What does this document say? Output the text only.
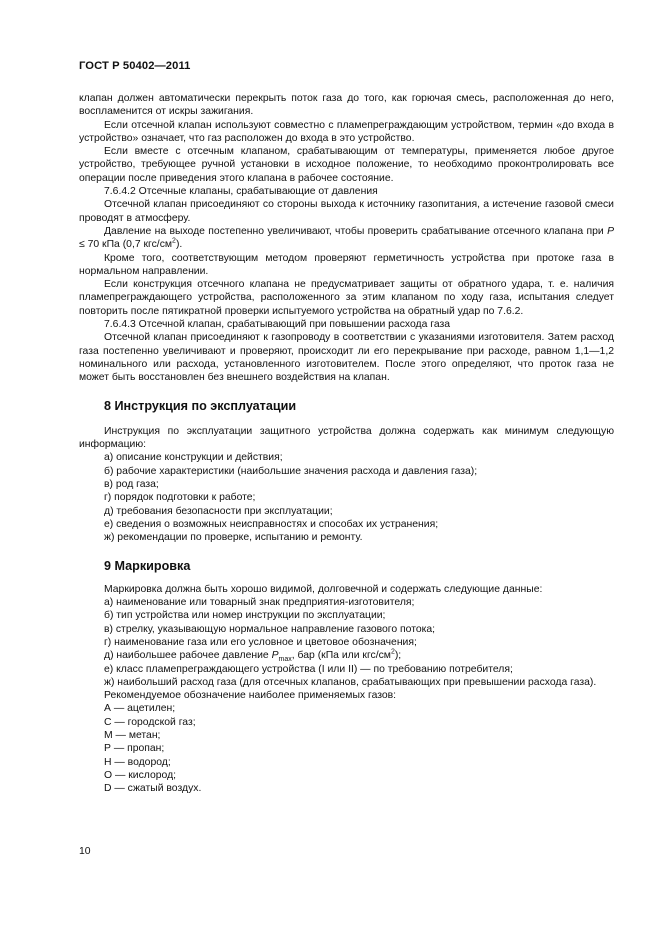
ГОСТ Р 50402—2011

клапан должен автоматически перекрыть поток газа до того, как горючая смесь, расположенная до него, воспламенится от искры зажигания.

Если отсечной клапан используют совместно с пламепреграждающим устройством, термин «до входа в устройство» означает, что газ расположен до входа в это устройство.

Если вместе с отсечным клапаном, срабатывающим от температуры, применяется любое другое устройство, требующее ручной установки в исходное положение, то необходимо проконтролировать все операции после приведения этого клапана в рабочее состояние.

7.6.4.2 Отсечные клапаны, срабатывающие от давления

Отсечной клапан присоединяют со стороны выхода к источнику газопитания, а истечение газовой смеси проводят в атмосферу.

Давление на выходе постепенно увеличивают, чтобы проверить срабатывание отсечного клапана при P ≤ 70 кПа (0,7 кгс/$см^2$).

Кроме того, соответствующим методом проверяют герметичность устройства при протоке газа в нормальном направлении.

Если конструкция отсечного клапана не предусматривает защиты от обратного удара, т. е. наличия пламепреграждающего устройства, расположенного за этим клапаном по ходу газа, испытания следует повторить после пятикратной проверки испытуемого устройства на обратный удар по 7.6.2.

7.6.4.3 Отсечной клапан, срабатывающий при повышении расхода газа

Отсечной клапан присоединяют к газопроводу в соответствии с указаниями изготовителя. Затем расход газа постепенно увеличивают и проверяют, происходит ли его перекрывание при расходе, равном 1,1—1,2 номинального или расхода, установленного изготовителем. После этого определяют, что проток газа не может быть восстановлен без внешнего воздействия на клапан.

8 Инструкция по эксплуатации

Инструкция по эксплуатации защитного устройства должна содержать как минимум следующую информацию:

а) описание конструкции и действия;

б) рабочие характеристики (наибольшие значения расхода и давления газа);

в) род газа;

г) порядок подготовки к работе;

д) требования безопасности при эксплуатации;

е) сведения о возможных неисправностях и способах их устранения;

ж) рекомендации по проверке, испытанию и ремонту.

9 Маркировка

Маркировка должна быть хорошо видимой, долговечной и содержать следующие данные:

а) наименование или товарный знак предприятия-изготовителя;

б) тип устройства или номер инструкции по эксплуатации;

в) стрелку, указывающую нормальное направление газового потока;

г) наименование газа или его условное и цветовое обозначения;

д) наибольшее рабочее давление $P_{max}$, бар (кПа или кгс/$см^2$);

е) класс пламепреграждающего устройства (I или II) — по требованию потребителя;

ж) наибольший расход газа (для отсечных клапанов, срабатывающих при превышении расхода газа).

Рекомендуемое обозначение наиболее применяемых газов:

А — ацетилен;

С — городской газ;

М — метан;

Р — пропан;

Н — водород;

О — кислород;

D — сжатый воздух.

10
